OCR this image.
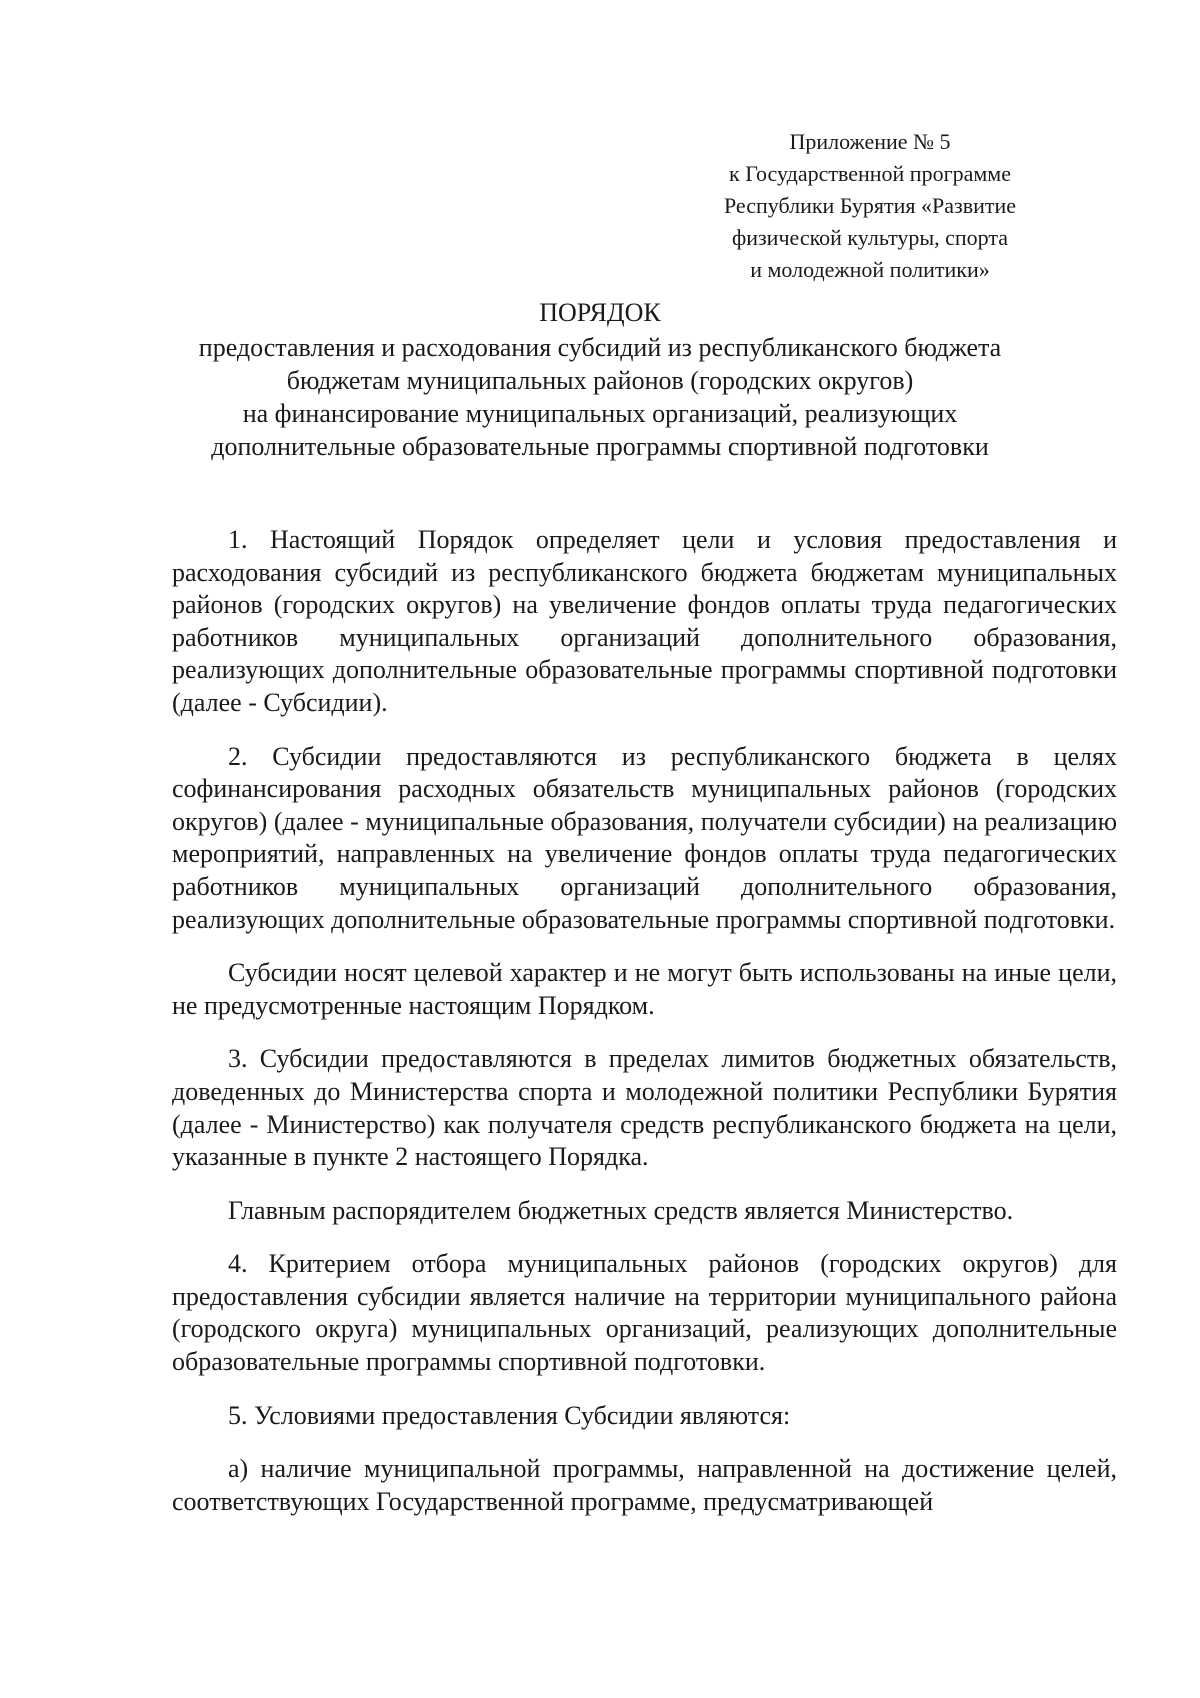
Приложение № 5
к Государственной программе
Республики Бурятия «Развитие
физической культуры, спорта
и молодежной политики»
ПОРЯДОК
предоставления и расходования субсидий из республиканского бюджета
бюджетам муниципальных районов (городских округов)
на финансирование муниципальных организаций, реализующих
дополнительные образовательные программы спортивной подготовки

1. Настоящий Порядок определяет цели и условия предоставления и расходования субсидий из республиканского бюджета бюджетам муниципальных районов (городских округов) на увеличение фондов оплаты труда педагогических работников муниципальных организаций дополнительного образования, реализующих дополнительные образовательные программы спортивной подготовки (далее - Субсидии).

2. Субсидии предоставляются из республиканского бюджета в целях софинансирования расходных обязательств муниципальных районов (городских округов) (далее - муниципальные образования, получатели субсидии) на реализацию мероприятий, направленных на увеличение фондов оплаты труда педагогических работников муниципальных организаций дополнительного образования, реализующих дополнительные образовательные программы спортивной подготовки.

Субсидии носят целевой характер и не могут быть использованы на иные цели, не предусмотренные настоящим Порядком.

3. Субсидии предоставляются в пределах лимитов бюджетных обязательств, доведенных до Министерства спорта и молодежной политики Республики Бурятия (далее - Министерство) как получателя средств республиканского бюджета на цели, указанные в пункте 2 настоящего Порядка.

Главным распорядителем бюджетных средств является Министерство.

4. Критерием отбора муниципальных районов (городских округов) для предоставления субсидии является наличие на территории муниципального района (городского округа) муниципальных организаций, реализующих дополнительные образовательные программы спортивной подготовки.

5. Условиями предоставления Субсидии являются:

а) наличие муниципальной программы, направленной на достижение целей, соответствующих Государственной программе, предусматривающей
